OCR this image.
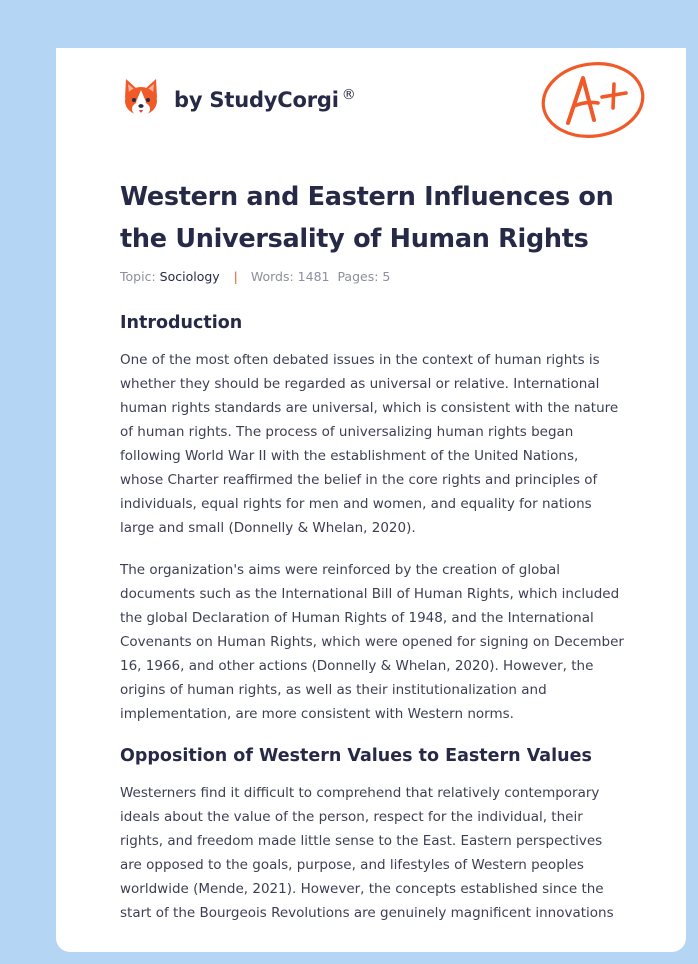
by StudyCorgi ®
Western and Eastern Influences on
the Universality of Human Rights
Topic: Sociology | Words: 1481 Pages: 5
Introduction

One of the most often debated issues in the context of human rights is
whether they should be regarded as universal or relative. International
human rights standards are universal, which is consistent with the nature
of human rights. The process of universalizing human rights began
following World War II with the establishment of the United Nations,
whose Charter reaffirmed the belief in the core rights and principles of
individuals, equal rights for men and women, and equality for nations
large and small (Donnelly & Whelan, 2020).

The organization's aims were reinforced by the creation of global
documents such as the International Bill of Human Rights, which included
the global Declaration of Human Rights of 1948, and the International
Covenants on Human Rights, which were opened for signing on December
16, 1966, and other actions (Donnelly & Whelan, 2020). However, the
origins of human rights, as well as their institutionalization and
implementation, are more consistent with Western norms.

Opposition of Western Values to Eastern Values

Westerners find it difficult to comprehend that relatively contemporary
ideals about the value of the person, respect for the individual, their
rights, and freedom made little sense to the East. Eastern perspectives
are opposed to the goals, purpose, and lifestyles of Western peoples
worldwide (Mende, 2021). However, the concepts established since the
start of the Bourgeois Revolutions are genuinely magnificent innovations
